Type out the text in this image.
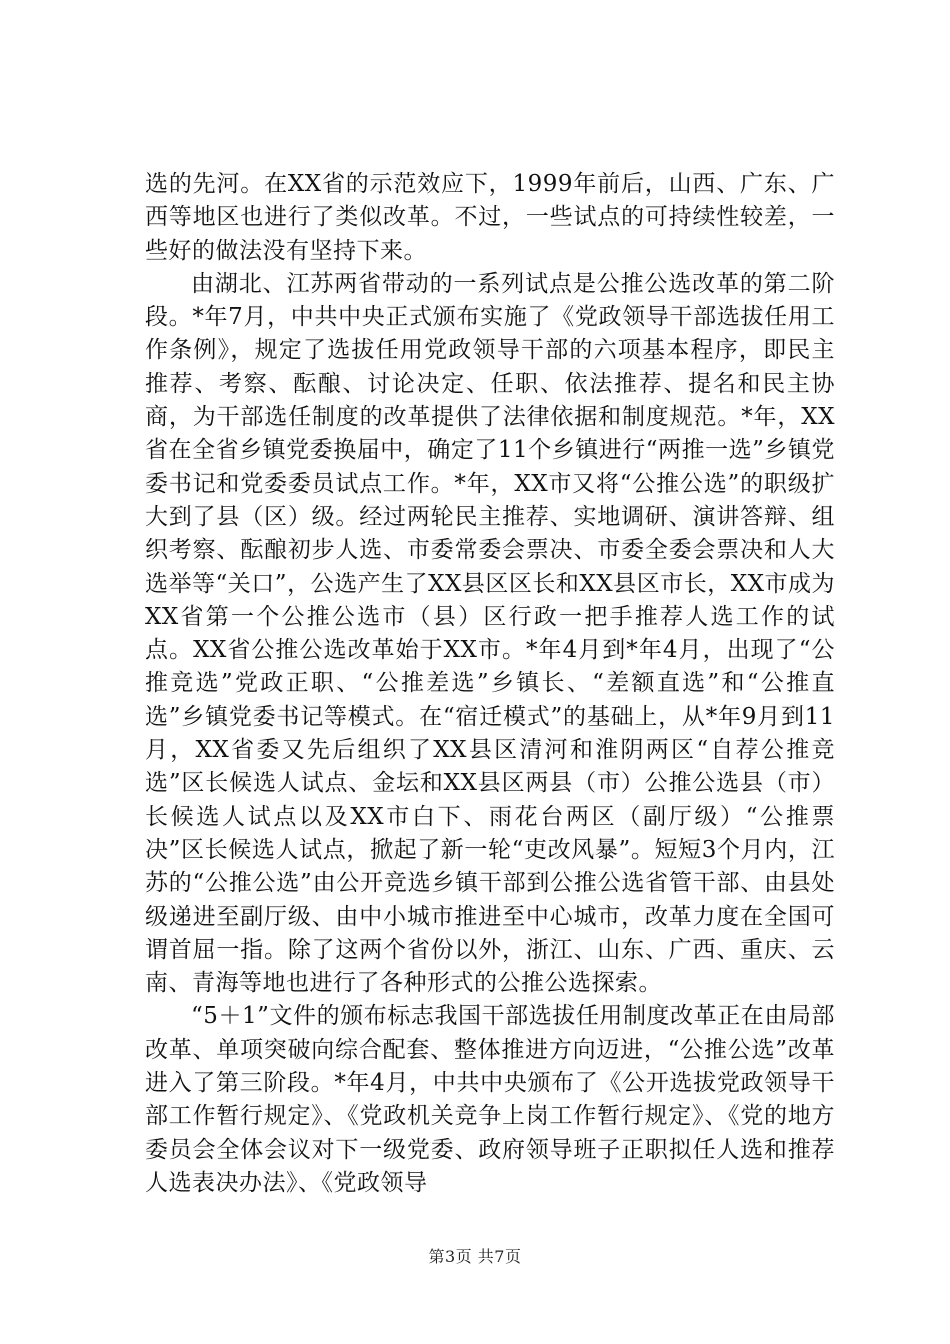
选的先河。在XX省的示范效应下，1999年前后，山西、广东、广西等地区也进行了类似改革。不过，一些试点的可持续性较差，一些好的做法没有坚持下来。

由湖北、江苏两省带动的一系列试点是公推公选改革的第二阶段。*年7月，中共中央正式颁布实施了《党政领导干部选拔任用工作条例》，规定了选拔任用党政领导干部的六项基本程序，即民主推荐、考察、酝酿、讨论决定、任职、依法推荐、提名和民主协商，为干部选任制度的改革提供了法律依据和制度规范。*年，XX省在全省乡镇党委换届中，确定了11个乡镇进行“两推一选”乡镇党委书记和党委委员试点工作。*年，XX市又将“公推公选”的职级扩大到了县（区）级。经过两轮民主推荐、实地调研、演讲答辩、组织考察、酝酿初步人选、市委常委会票决、市委全委会票决和人大选举等“关口”，公选产生了XX县区区长和XX县区市长，XX市成为XX省第一个公推公选市（县）区行政一把手推荐人选工作的试点。XX省公推公选改革始于XX市。*年4月到*年4月，出现了“公推竞选”党政正职、“公推差选”乡镇长、“差额直选”和“公推直选”乡镇党委书记等模式。在“宿迁模式”的基础上，从*年9月到11月，XX省委又先后组织了XX县区清河和淮阴两区“自荐公推竞选”区长候选人试点、金坛和XX县区两县（市）公推公选县（市）长候选人试点以及XX市白下、雨花台两区（副厅级）“公推票决”区长候选人试点，掀起了新一轮“吏改风暴”。短短3个月内，江苏的“公推公选”由公开竞选乡镇干部到公推公选省管干部、由县处级递进至副厅级、由中小城市推进至中心城市，改革力度在全国可谓首屈一指。除了这两个省份以外，浙江、山东、广西、重庆、云南、青海等地也进行了各种形式的公推公选探索。

“5＋1”文件的颁布标志我国干部选拔任用制度改革正在由局部改革、单项突破向综合配套、整体推进方向迈进，“公推公选”改革进入了第三阶段。*年4月，中共中央颁布了《公开选拔党政领导干部工作暂行规定》、《党政机关竞争上岗工作暂行规定》、《党的地方委员会全体会议对下一级党委、政府领导班子正职拟任人选和推荐人选表决办法》、《党政领导

第3页 共7页
